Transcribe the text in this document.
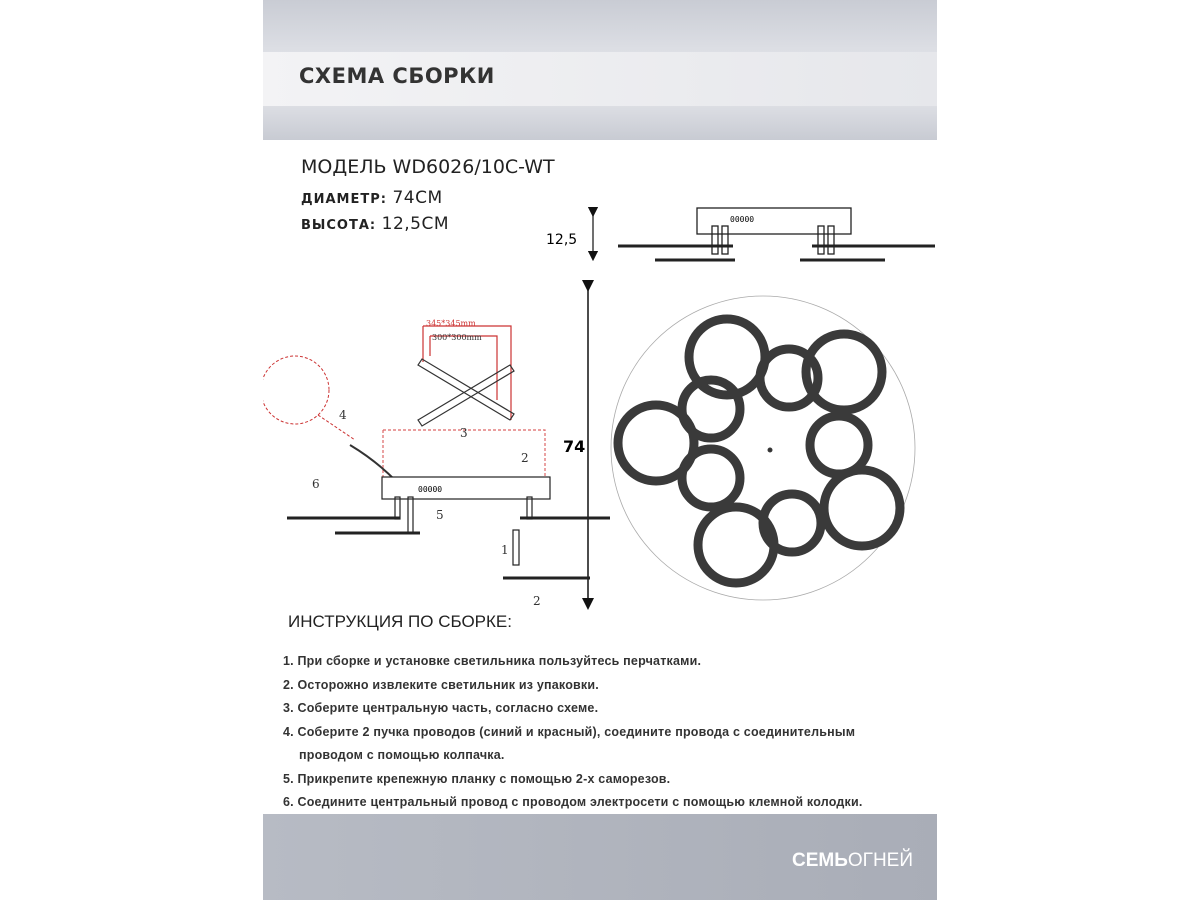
СХЕМА СБОРКИ
МОДЕЛЬ WD6026/10C-WT
ДИАМЕТР: 74СМ
ВЫСОТА: 12,5СМ	00000
12,5
74
345*345mm
300*300mm
00000
1
2
3
4
5
6
2
ИНСТРУКЦИЯ ПО СБОРКЕ:
1. При сборке и установке светильника пользуйтесь перчатками.
2. Осторожно извлеките светильник из упаковки.
3. Соберите центральную часть, согласно схеме.
4. Соберите 2 пучка проводов (синий и красный), соедините провода с соединительным
проводом с помощью колпачка.
5. Прикрепите крепежную планку с помощью 2-х саморезов.
6. Соедините центральный провод с проводом электросети с помощью клемной колодки.
СЕМЬОГНЕЙ
